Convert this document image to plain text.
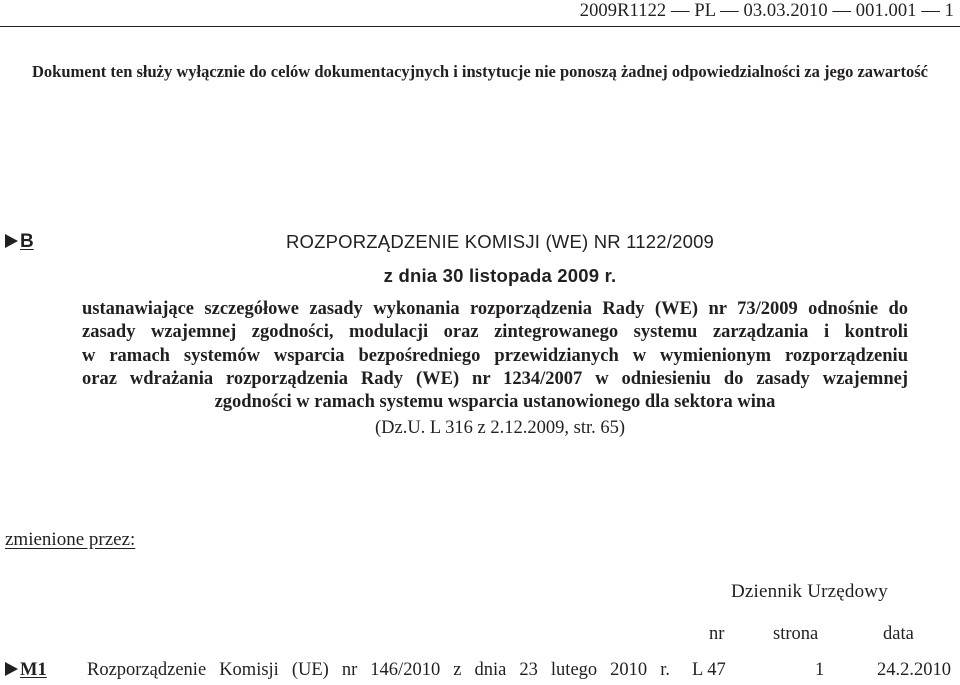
2009R1122 — PL — 03.03.2010 — 001.001 — 1
Dokument ten służy wyłącznie do celów dokumentacyjnych i instytucje nie ponoszą żadnej odpowiedzialności za jego zawartość
B	ROZPORZĄDZENIE KOMISJI (WE) NR 1122/2009
z dnia 30 listopada 2009 r.
ustanawiające szczegółowe zasady wykonania rozporządzenia Rady (WE) nr 73/2009 odnośnie do
zasady wzajemnej zgodności, modulacji oraz zintegrowanego systemu zarządzania i kontroli
w ramach systemów wsparcia bezpośredniego przewidzianych w wymienionym rozporządzeniu
oraz wdrażania rozporządzenia Rady (WE) nr 1234/2007 w odniesieniu do zasady wzajemnej
zgodności w ramach systemu wsparcia ustanowionego dla sektora wina
(Dz.U. L 316 z 2.12.2009, str. 65)
zmienione przez:
Dziennik Urzędowy
nr	strona	data
M1 Rozporządzenie Komisji (UE) nr 146/2010 z dnia 23 lutego 2010 r. L 47	1	24.2.2010
